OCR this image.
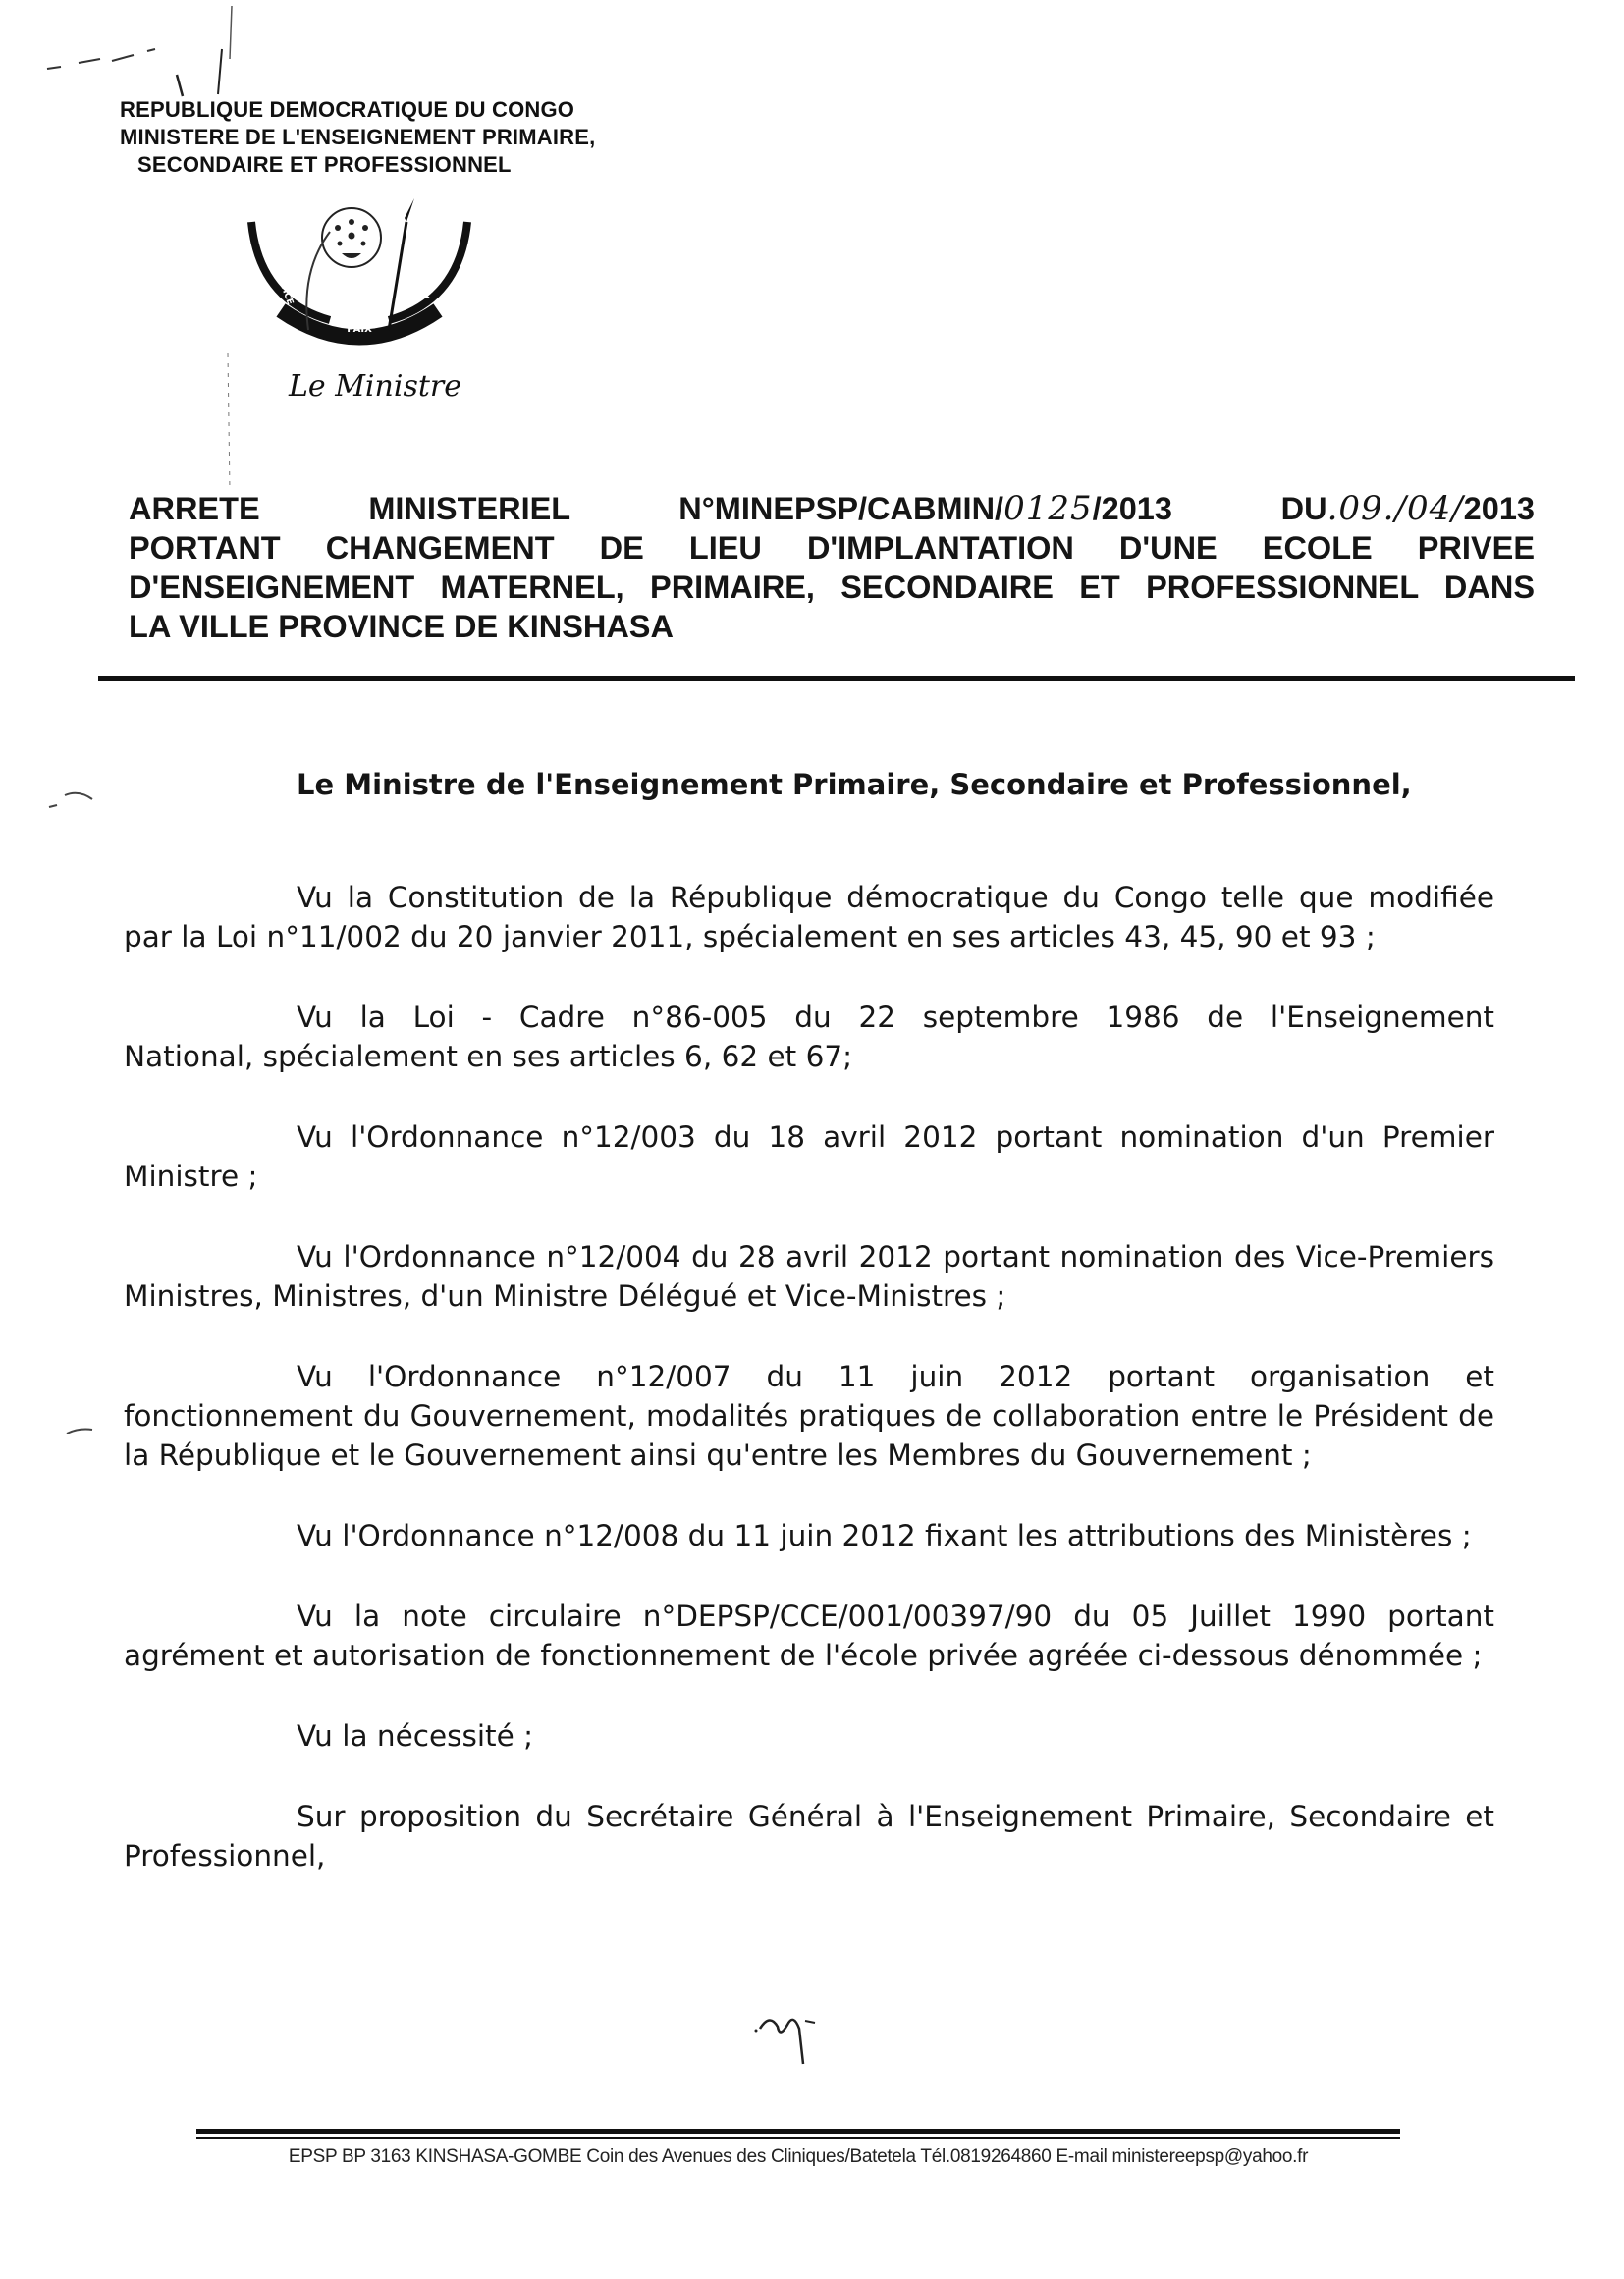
REPUBLIQUE DEMOCRATIQUE DU CONGO
MINISTERE DE L'ENSEIGNEMENT PRIMAIRE,
SECONDAIRE ET PROFESSIONNEL
PAIX
JUSTICE	TRAVAIL
Le Ministre
ARRETE MINISTERIEL N°MINEPSP/CABMIN/0125/2013 DU.09./04/2013
PORTANT CHANGEMENT DE LIEU D'IMPLANTATION D'UNE ECOLE PRIVEE
D'ENSEIGNEMENT MATERNEL, PRIMAIRE, SECONDAIRE ET PROFESSIONNEL DANS
LA VILLE PROVINCE DE KINSHASA
Le Ministre de l'Enseignement Primaire, Secondaire et Professionnel,

Vu la Constitution de la République démocratique du Congo telle que modifiée
par la Loi n°11/002 du 20 janvier 2011, spécialement en ses articles 43, 45, 90 et 93 ;

Vu la Loi - Cadre n°86-005 du 22 septembre 1986 de l'Enseignement
National, spécialement en ses articles 6, 62 et 67;

Vu l'Ordonnance n°12/003 du 18 avril 2012 portant nomination d'un Premier
Ministre ;

Vu l'Ordonnance n°12/004 du 28 avril 2012 portant nomination des Vice-Premiers
Ministres, Ministres, d'un Ministre Délégué et Vice-Ministres ;

Vu l'Ordonnance n°12/007 du 11 juin 2012 portant organisation et
fonctionnement du Gouvernement, modalités pratiques de collaboration entre le Président de la République et le Gouvernement ainsi qu'entre les Membres du Gouvernement ;

Vu l'Ordonnance n°12/008 du 11 juin 2012 fixant les attributions des Ministères ;

Vu la note circulaire n°DEPSP/CCE/001/00397/90 du 05 Juillet 1990 portant
agrément et autorisation de fonctionnement de l'école privée agréée ci-dessous dénommée ;

Vu la nécessité ;

Sur proposition du Secrétaire Général à l'Enseignement Primaire, Secondaire et
Professionnel,

EPSP BP 3163 KINSHASA-GOMBE Coin des Avenues des Cliniques/Batetela Tél.0819264860 E-mail ministereepsp@yahoo.fr
